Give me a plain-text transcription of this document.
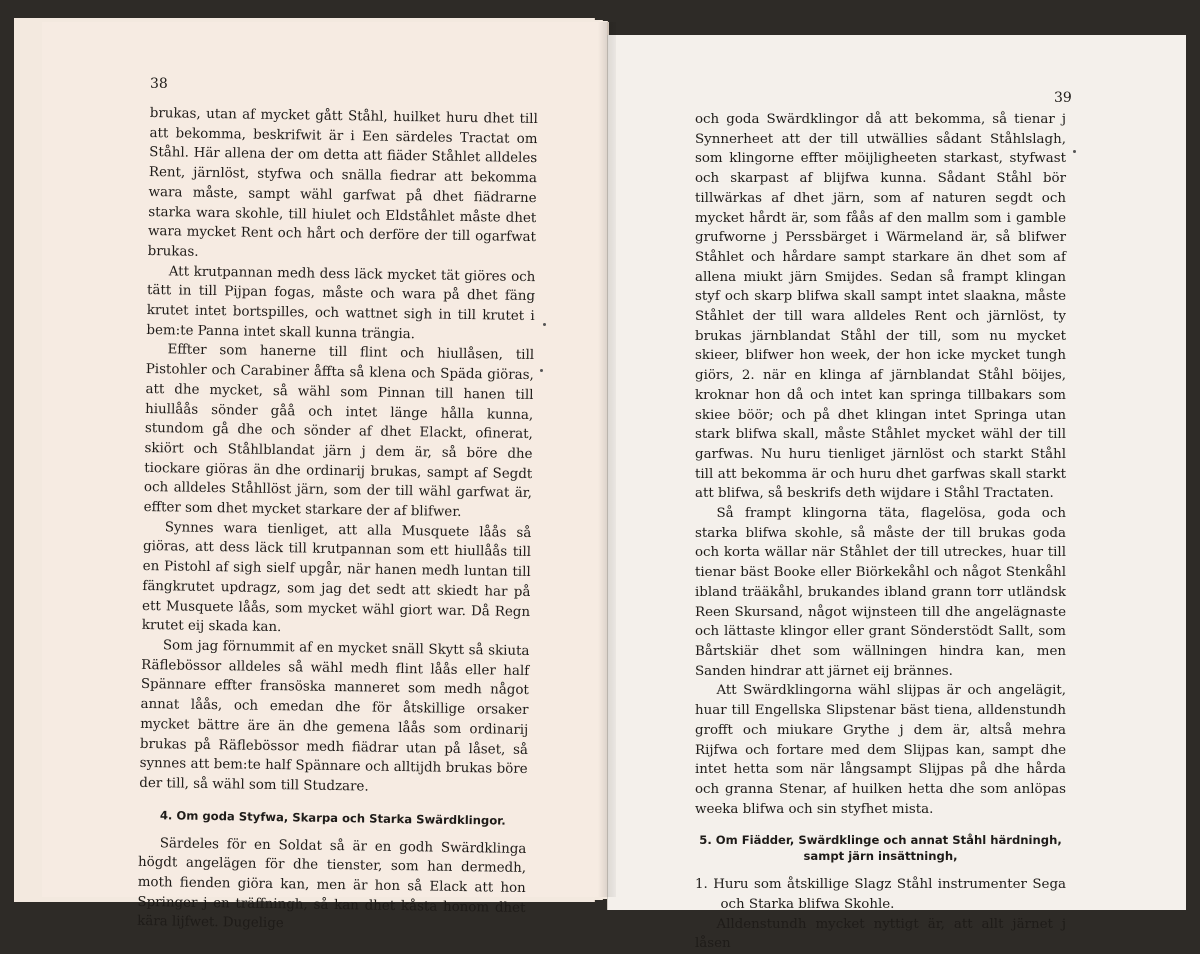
38

brukas, utan af mycket gått Ståhl, huilket huru dhet till att bekomma, beskrifwit är i Een särdeles Tractat om Ståhl. Här allena der om detta att fiäder Ståhlet alldeles Rent, järnlöst, styfwa och snälla fiedrar att bekomma wara måste, sampt wähl garfwat på dhet fiädrarne starka wara skohle, till hiulet och Eldståhlet måste dhet wara mycket Rent och hårt och derföre der till ogarfwat brukas.

Att krutpannan medh dess läck mycket tät giöres och tätt in till Pijpan fogas, måste och wara på dhet fäng krutet intet bortspilles, och wattnet sigh in till krutet i bem:te Panna intet skall kunna trängia.

Effter som hanerne till flint och hiullåsen, till Pistohler och Carabiner åffta så klena och Späda giöras, att dhe mycket, så wähl som Pinnan till hanen till hiullåås sönder gåå och intet länge hålla kunna, stundom gå dhe och sönder af dhet Elackt, ofinerat, skiört och Ståhlblandat järn j dem är, så böre dhe tiockare giöras än dhe ordinarij brukas, sampt af Segdt och alldeles Ståhllöst järn, som der till wähl garfwat är, effter som dhet mycket starkare der af blifwer.

Synnes wara tienliget, att alla Musquete låås så giöras, att dess läck till krutpannan som ett hiullåås till en Pistohl af sigh sielf upgår, när hanen medh luntan till fängkrutet updragz, som jag det sedt att skiedt har på ett Musquete låås, som mycket wähl giort war. Då Regn krutet eij skada kan.

Som jag förnummit af en mycket snäll Skytt så skiuta Räflebössor alldeles så wähl medh flint låås eller half Spännare effter fransöska manneret som medh något annat låås, och emedan dhe för åtskillige orsaker mycket bättre äre än dhe gemena låås som ordinarij brukas på Räflebössor medh fiädrar utan på låset, så synnes att bem:te half Spännare och alltijdh brukas böre der till, så wähl som till Studzare.

4. Om goda Styfwa, Skarpa och Starka Swärdklingor.

Särdeles för en Soldat så är en godh Swärdklinga högdt angelägen för dhe tienster, som han dermedh, moth fienden giöra kan, men är hon så Elack att hon Springer j en träffningh, så kan dhet kåsta honom dhet kära lijfwet. Dugelige

39

och goda Swärdklingor då att bekomma, så tienar j Synnerheet att der till utwällies sådant Ståhlslagh, som klingorne effter möijligheeten starkast, styfwast och skarpast af blijfwa kunna. Sådant Ståhl bör tillwärkas af dhet järn, som af naturen segdt och mycket hårdt är, som fåås af den mallm som i gamble grufworne j Perssbärget i Wärmeland är, så blifwer Ståhlet och hårdare sampt starkare än dhet som af allena miukt järn Smijdes. Sedan så frampt klingan styf och skarp blifwa skall sampt intet slaakna, måste Ståhlet der till wara alldeles Rent och järnlöst, ty brukas järnblandat Ståhl der till, som nu mycket skieer, blifwer hon week, der hon icke mycket tungh giörs, 2. när en klinga af järnblandat Ståhl böijes, kroknar hon då och intet kan springa tillbakars som skiee böör; och på dhet klingan intet Springa utan stark blifwa skall, måste Ståhlet mycket wähl der till garfwas. Nu huru tienliget järnlöst och starkt Ståhl till att bekomma är och huru dhet garfwas skall starkt att blifwa, så beskrifs deth wijdare i Ståhl Tractaten.

Så frampt klingorna täta, flagelösa, goda och starka blifwa skohle, så måste der till brukas goda och korta wällar när Ståhlet der till utreckes, huar till tienar bäst Booke eller Biörkekåhl och något Stenkåhl ibland trääkåhl, brukandes ibland grann torr utländsk Reen Skursand, något wijnsteen till dhe angelägnaste och lättaste klingor eller grant Sönderstödt Sallt, som Bårtskiär dhet som wällningen hindra kan, men Sanden hindrar att järnet eij brännes.

Att Swärdklingorna wähl slijpas är och angelägit, huar till Engellska Slipstenar bäst tiena, alldenstundh grofft och miukare Grythe j dem är, altså mehra Rijfwa och fortare med dem Slijpas kan, sampt dhe intet hetta som när långsampt Slijpas på dhe hårda och granna Stenar, af huilken hetta dhe som anlöpas weeka blifwa och sin styfhet mista.

5. Om Fiädder, Swärdklinge och annat Ståhl härdningh,
sampt järn insättningh,

1. Huru som åtskillige Slagz Ståhl instrumenter Sega och Starka blifwa Skohle.

Alldenstundh mycket nyttigt är, att allt järnet j låsen
